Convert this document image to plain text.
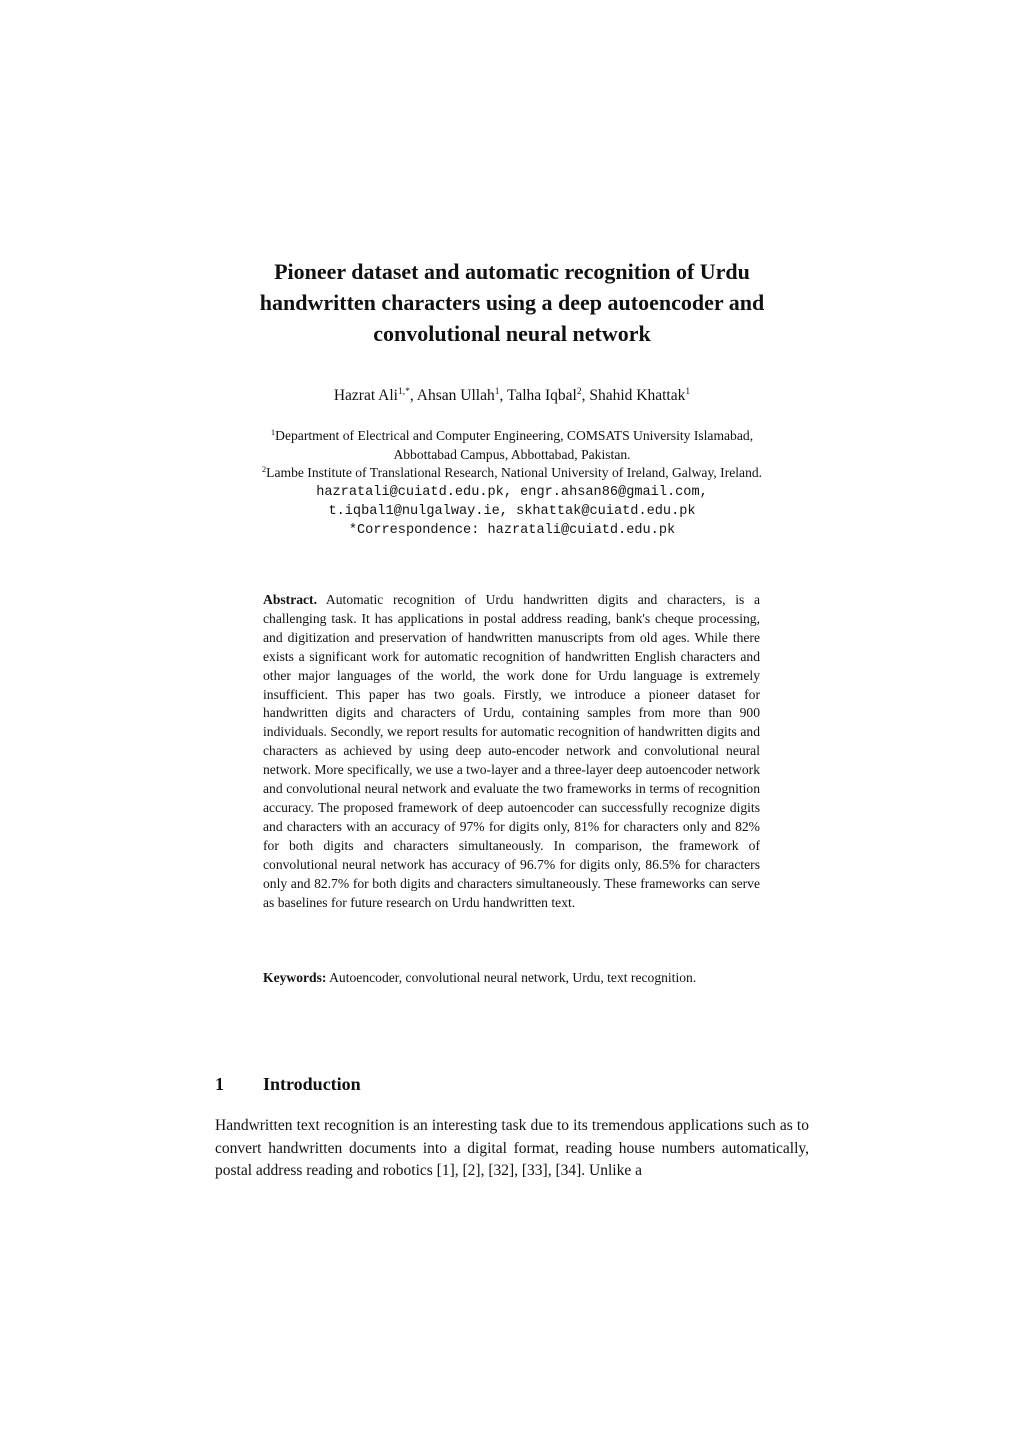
Pioneer dataset and automatic recognition of Urdu
handwritten characters using a deep autoencoder and
convolutional neural network
Hazrat Ali$^{1,*}$, Ahsan Ullah$^1$, Talha Iqbal$^2$, Shahid Khattak$^1$
$^1$Department of Electrical and Computer Engineering, COMSATS University Islamabad,
Abbottabad Campus, Abbottabad, Pakistan.
$^2$Lambe Institute of Translational Research, National University of Ireland, Galway, Ireland.
hazratali@cuiatd.edu.pk, engr.ahsan86@gmail.com,
t.iqbal1@nulgalway.ie, skhattak@cuiatd.edu.pk
*Correspondence: hazratali@cuiatd.edu.pk
Abstract. Automatic recognition of Urdu handwritten digits and characters, is a challenging task. It has applications in postal address reading, bank's cheque processing, and digitization and preservation of handwritten manuscripts from old ages. While there exists a significant work for automatic recognition of handwritten English characters and other major languages of the world, the work done for Urdu language is extremely insufficient. This paper has two goals. Firstly, we introduce a pioneer dataset for handwritten digits and characters of Urdu, containing samples from more than 900 individuals. Secondly, we report results for automatic recognition of handwritten digits and characters as achieved by using deep auto-encoder network and convolutional neural network. More specifically, we use a two-layer and a three-layer deep autoencoder network and convolutional neural network and evaluate the two frameworks in terms of recognition accuracy. The proposed framework of deep autoencoder can successfully recognize digits and characters with an accuracy of 97% for digits only, 81% for characters only and 82% for both digits and characters simultaneously. In comparison, the framework of convolutional neural network has accuracy of 96.7% for digits only, 86.5% for characters only and 82.7% for both digits and characters simultaneously. These frameworks can serve as baselines for future research on Urdu handwritten text.
Keywords: Autoencoder, convolutional neural network, Urdu, text recognition.
1 Introduction
Handwritten text recognition is an interesting task due to its tremendous applications such as to convert handwritten documents into a digital format, reading house numbers automatically, postal address reading and robotics [1], [2], [32], [33], [34]. Unlike a
